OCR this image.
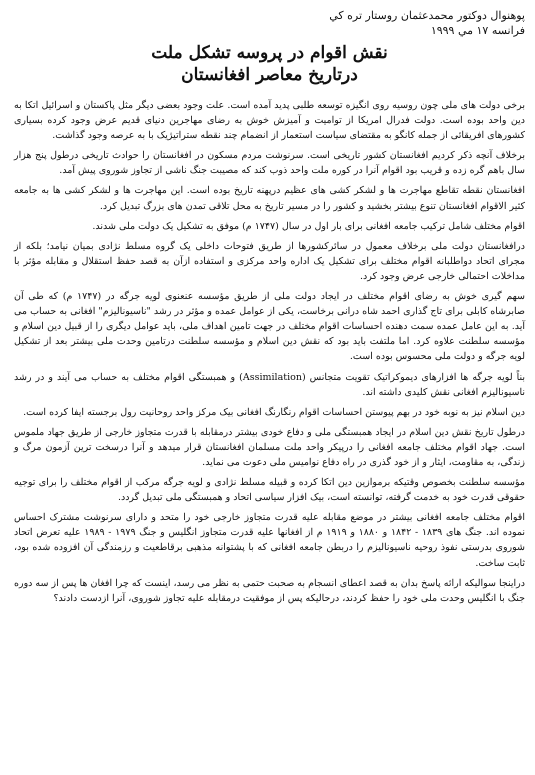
پوهنوال دوکتور محمدعثمان روستار تره کي
فرانسه ۱۷ مي ۱۹۹۹
نقش اقوام در پروسه تشکل ملت
درتاریخ معاصر افغانستان

برخی دولت های ملی چون روسیه روی انگیزه توسعه طلبی پدید آمده است. علت وجود بعضی دیگر مثل پاکستان و اسرائیل اتکا به دین واحد بوده است. دولت فدرال امریکا از توامیت و آمیزش خوش به رضای مهاجرین دنیای قدیم عرض وجود کرده بسیاری کشورهای افریقائی از جمله کانگو به مقتضای سیاست استعمار از انضمام چند نقطه ستراتیژیک با به عرصه وجود گذاشت.

برخلاف آنچه ذکر کردیم افغانستان کشور تاریخی است. سرنوشت مردم مسکون در افغانستان را حوادث تاریخی درطول پنج هزار سال باهم گره زده و قریب بود اقوام آنرا در کوره ملت واحد ذوب کند که مصیبت جنگ ناشی از تجاوز شوروی پیش آمد.

افغانستان نقطه تقاطع مهاجرت ها و لشکر کشی های عظیم درپهنه تاریخ بوده است. این مهاجرت ها و لشکر کشی ها به جامعه کثیر الاقوام افغانستان تنوع بیشتر بخشید و کشور را در مسیر تاریخ به محل تلاقی تمدن های بزرگ تبدیل کرد.

اقوام مختلف شامل ترکیب جامعه افغانی برای بار اول در سال (۱۷۴۷ م) موفق به تشکیل یک دولت ملی شدند.

درافغانستان دولت ملی برخلاف معمول در سائرکشورها از طریق فتوحات داخلی یک گروه مسلط نژادی بمیان نیامد؛ بلکه از مجرای اتحاد دواطلبانه اقوام مختلف برای تشکیل یک اداره واحد مرکزی و استفاده ازآن به قصد حفظ استقلال و مقابله مؤثر با مداخلات احتمالی خارجی عرض وجود کرد.

سهم گیری خوش به رضای اقوام مختلف در ایجاد دولت ملی از طریق مؤسسه عنعنوی لویه جرگه در (۱۷۴۷ م) که طی آن صابرشاه کابلی برای تاج گذاری احمد شاه درانی برخاست، یکی از عوامل عمده و مؤثر در رشد "ناسیونالیزم" افغانی به حساب می آید. به این عامل عمده سمت دهنده احساسات اقوام مختلف در جهت تامین اهداف ملی، باید عوامل دیگری را از قبیل دین اسلام و مؤسسه سلطنت علاوه کرد. اما ملتفت باید بود که نقش دین اسلام و مؤسسه سلطنت درتامین وحدت ملی بیشتر بعد از تشکیل لویه جرگه و دولت ملی محسوس بوده است.

بناً لویه جرگه ها افزارهای دیموکراتیک تقویت متجانس (Assimilation) و همبستگی اقوام مختلف به حساب می آیند و در رشد ناسیونالیزم افغانی نقش کلیدی داشته اند.

دین اسلام نیز به نوبه خود در بهم پیوستن احساسات اقوام رنگارنگ افغانی بیک مرکز واحد روحانیت رول برجسته ایفا کرده است.

درطول تاریخ نقش دین اسلام در ایجاد همبستگی ملی و دفاع خودی بیشتر درمقابله با قدرت متجاوز خارجی از طریق جهاد ملموس است. جهاد اقوام مختلف جامعه افغانی را درپیکر واحد ملت مسلمان افغانستان قرار میدهد و آنرا درسخت ترین آزمون مرگ و زندگی، به مقاومت، ایثار و از خود گذری در راه دفاع نوامیس ملی دعوت می نماید.

مؤسسه سلطنت بخصوص وقتیکه برموازین دین اتکا کرده و قبیله مسلط نژادی و لویه جرگه مرکب از اقوام مختلف را برای توجیه حقوقی قدرت خود به خدمت گرفته، توانسته است، بیک افزار سیاسی اتحاد و همبستگی ملی تبدیل گردد.

اقوام مختلف جامعه افغانی بیشتر در موضع مقابله علیه قدرت متجاوز خارجی خود را متحد و دارای سرنوشت مشترک احساس نموده اند. جنگ های ۱۸۳۹ - ۱۸۴۲ و ۱۸۸۰ و ۱۹۱۹ م از افغانها علیه قدرت متجاوز انگلیس و جنگ ۱۹۷۹ - ۱۹۸۹ علیه تعرض اتحاد شوروی بدرستی نفوذ روحیه ناسیونالیزم را دربطن جامعه افغانی که با پشتوانه مذهبی برقاطعیت و رزمندگی آن افزوده شده بود، ثابت ساخت.

دراینجا سوالیکه ارائه پاسخ بدان به قصد اعطای انسجام به صحبت حتمی به نظر می رسد، اینست که چرا افغان ها پس از سه دوره جنگ با انگلیس وحدت ملی خود را حفظ کردند، درحالیکه پس از موفقیت درمقابله علیه تجاوز شوروی، آنرا ازدست دادند؟
